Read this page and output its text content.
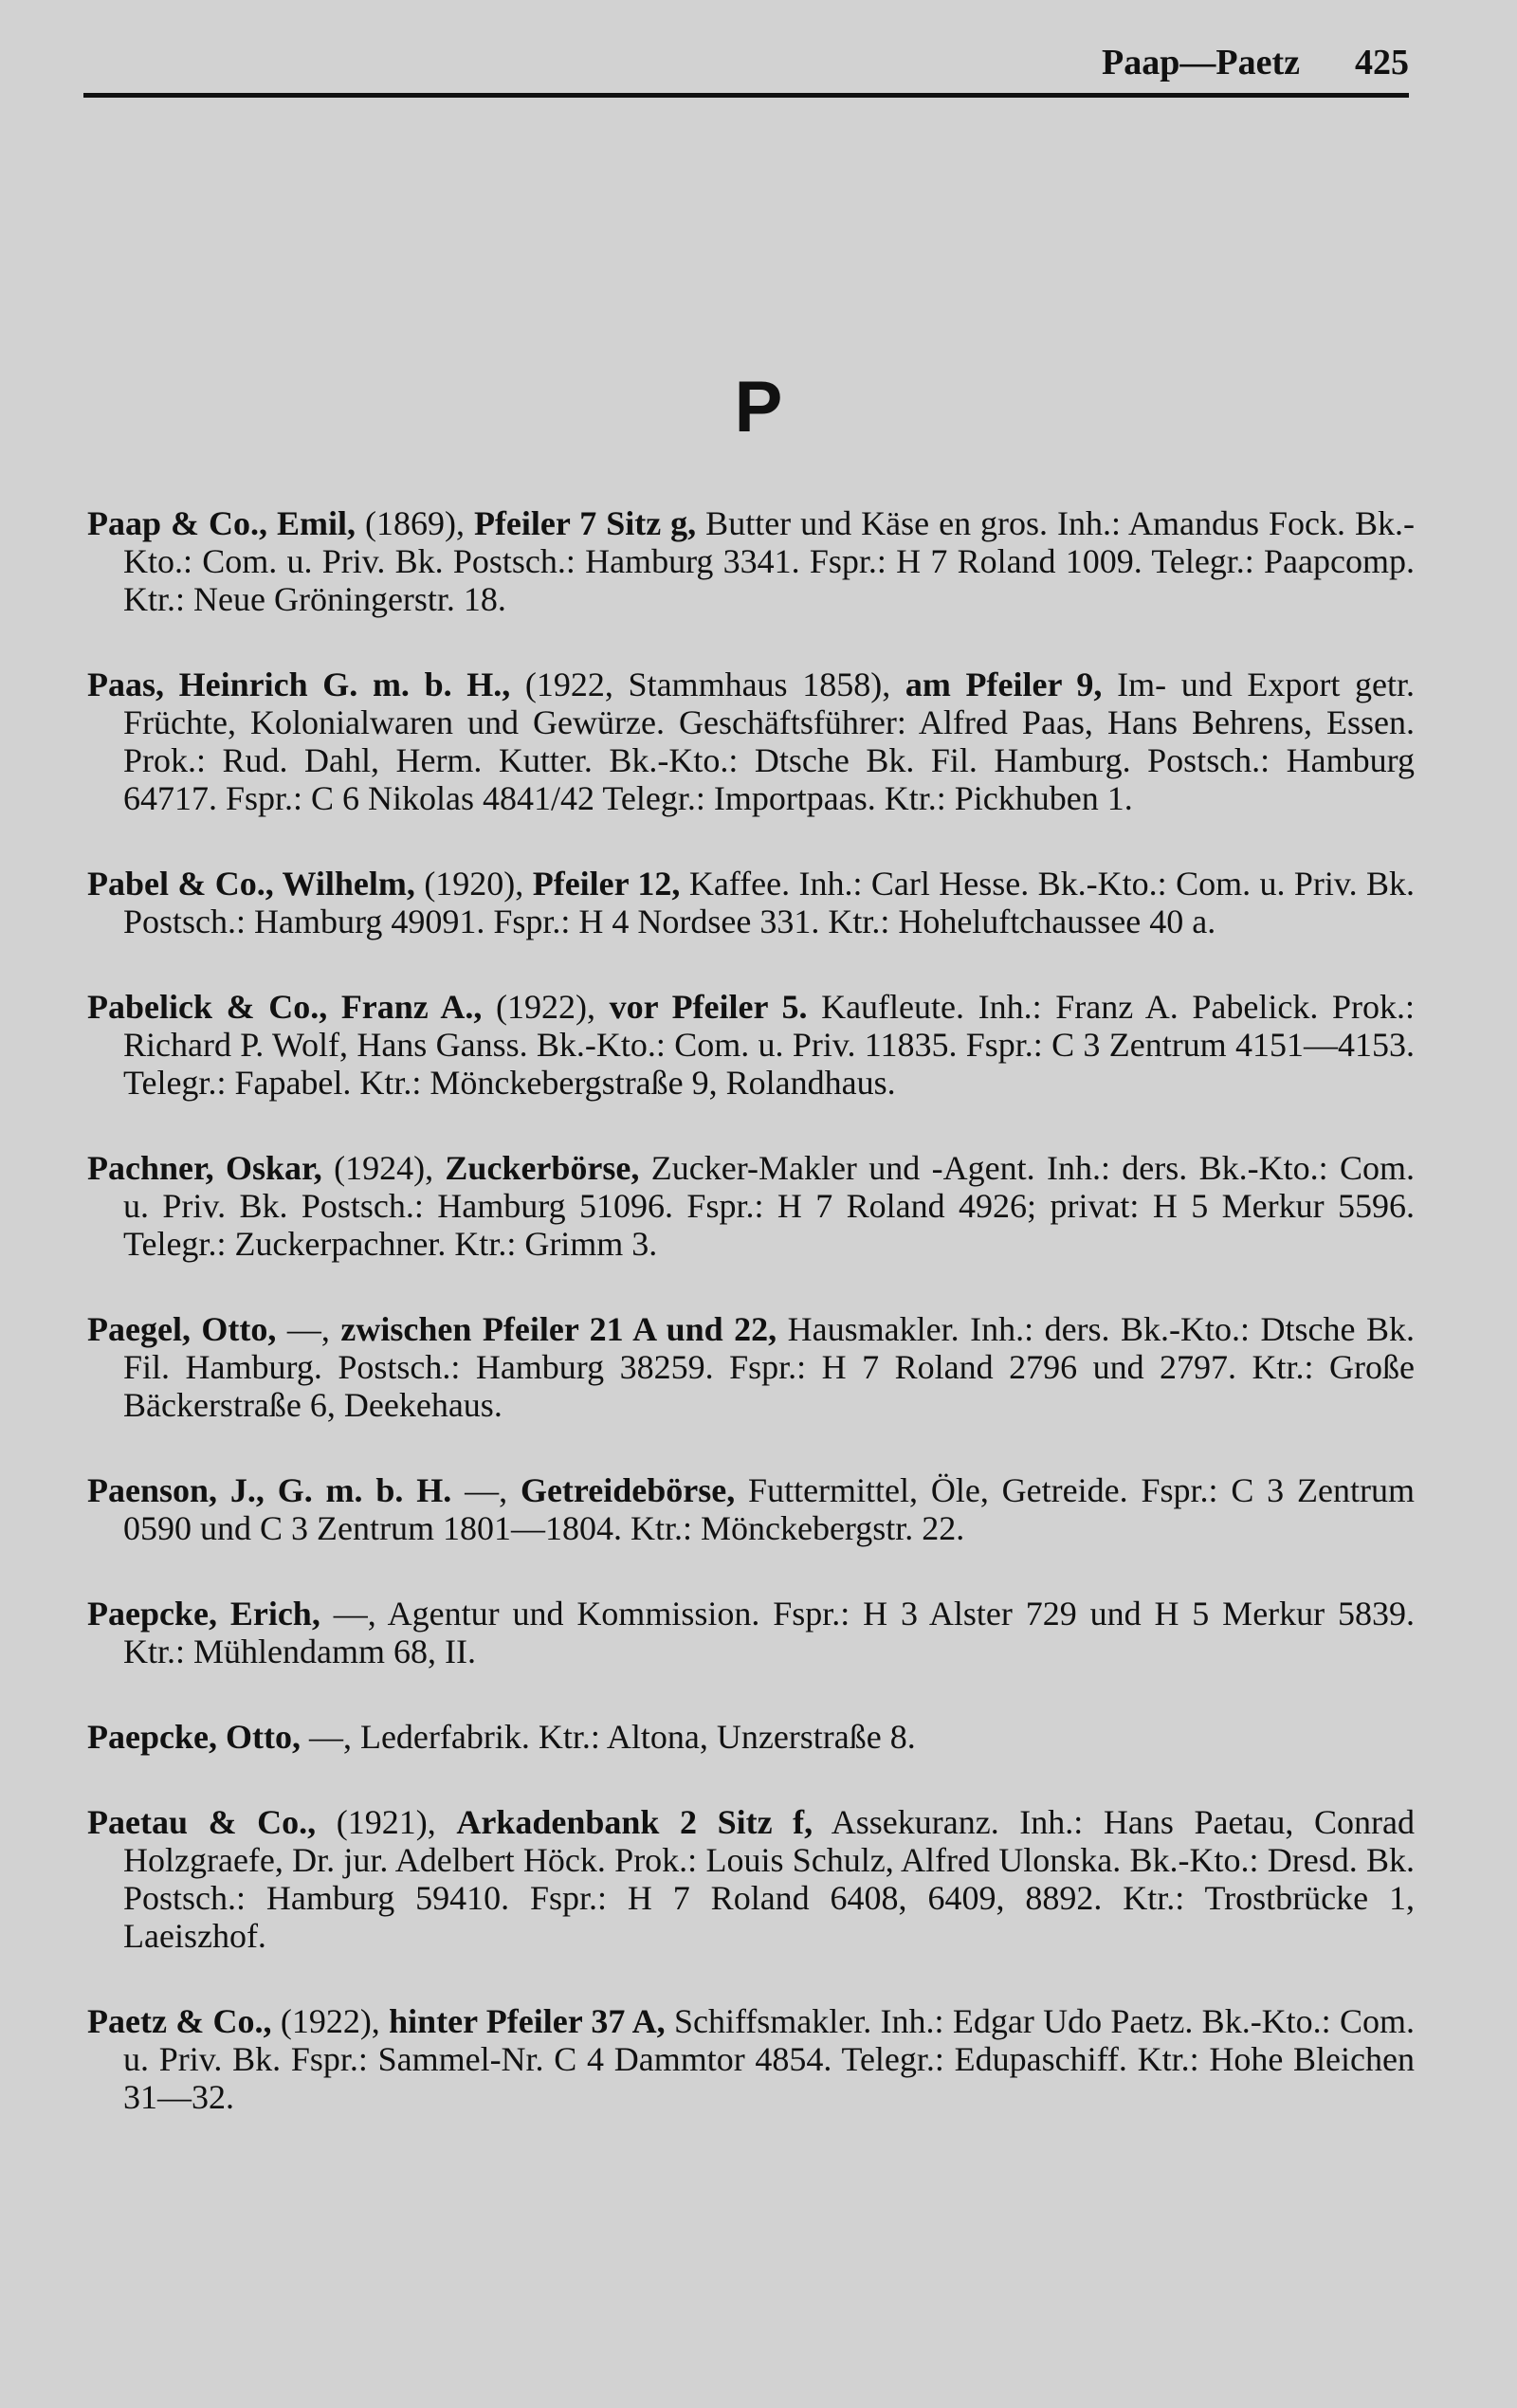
Paap—Paetz 425
P

Paap & Co., Emil, (1869), Pfeiler 7 Sitz g, Butter und Käse en gros. Inh.: Amandus Fock. Bk.-Kto.: Com. u. Priv. Bk. Postsch.: Hamburg 3341. Fspr.: H 7 Roland 1009. Telegr.: Paapcomp. Ktr.: Neue Gröningerstr. 18.

Paas, Heinrich G. m. b. H., (1922, Stammhaus 1858), am Pfeiler 9, Im- und Export getr. Früchte, Kolonialwaren und Gewürze. Geschäftsführer: Alfred Paas, Hans Behrens, Essen. Prok.: Rud. Dahl, Herm. Kutter. Bk.-Kto.: Dtsche Bk. Fil. Hamburg. Postsch.: Hamburg 64717. Fspr.: C 6 Nikolas 4841/42 Telegr.: Importpaas. Ktr.: Pickhuben 1.

Pabel & Co., Wilhelm, (1920), Pfeiler 12, Kaffee. Inh.: Carl Hesse. Bk.-Kto.: Com. u. Priv. Bk. Postsch.: Hamburg 49091. Fspr.: H 4 Nordsee 331. Ktr.: Hoheluftchaussee 40 a.

Pabelick & Co., Franz A., (1922), vor Pfeiler 5. Kaufleute. Inh.: Franz A. Pabelick. Prok.: Richard P. Wolf, Hans Ganss. Bk.-Kto.: Com. u. Priv. 11835. Fspr.: C 3 Zentrum 4151—4153. Telegr.: Fapabel. Ktr.: Mönckebergstraße 9, Rolandhaus.

Pachner, Oskar, (1924), Zuckerbörse, Zucker-Makler und -Agent. Inh.: ders. Bk.-Kto.: Com. u. Priv. Bk. Postsch.: Hamburg 51096. Fspr.: H 7 Roland 4926; privat: H 5 Merkur 5596. Telegr.: Zuckerpachner. Ktr.: Grimm 3.

Paegel, Otto, —, zwischen Pfeiler 21 A und 22, Hausmakler. Inh.: ders. Bk.-Kto.: Dtsche Bk. Fil. Hamburg. Postsch.: Hamburg 38259. Fspr.: H 7 Roland 2796 und 2797. Ktr.: Große Bäckerstraße 6, Deekehaus.

Paenson, J., G. m. b. H. —, Getreidebörse, Futtermittel, Öle, Getreide. Fspr.: C 3 Zentrum 0590 und C 3 Zentrum 1801—1804. Ktr.: Mönckebergstr. 22.

Paepcke, Erich, —, Agentur und Kommission. Fspr.: H 3 Alster 729 und H 5 Merkur 5839. Ktr.: Mühlendamm 68, II.

Paepcke, Otto, —, Lederfabrik. Ktr.: Altona, Unzerstraße 8.

Paetau & Co., (1921), Arkadenbank 2 Sitz f, Assekuranz. Inh.: Hans Paetau, Conrad Holzgraefe, Dr. jur. Adelbert Höck. Prok.: Louis Schulz, Alfred Ulonska. Bk.-Kto.: Dresd. Bk. Postsch.: Hamburg 59410. Fspr.: H 7 Roland 6408, 6409, 8892. Ktr.: Trostbrücke 1, Laeiszhof.

Paetz & Co., (1922), hinter Pfeiler 37 A, Schiffsmakler. Inh.: Edgar Udo Paetz. Bk.-Kto.: Com. u. Priv. Bk. Fspr.: Sammel-Nr. C 4 Dammtor 4854. Telegr.: Edupaschiff. Ktr.: Hohe Bleichen 31—32.
